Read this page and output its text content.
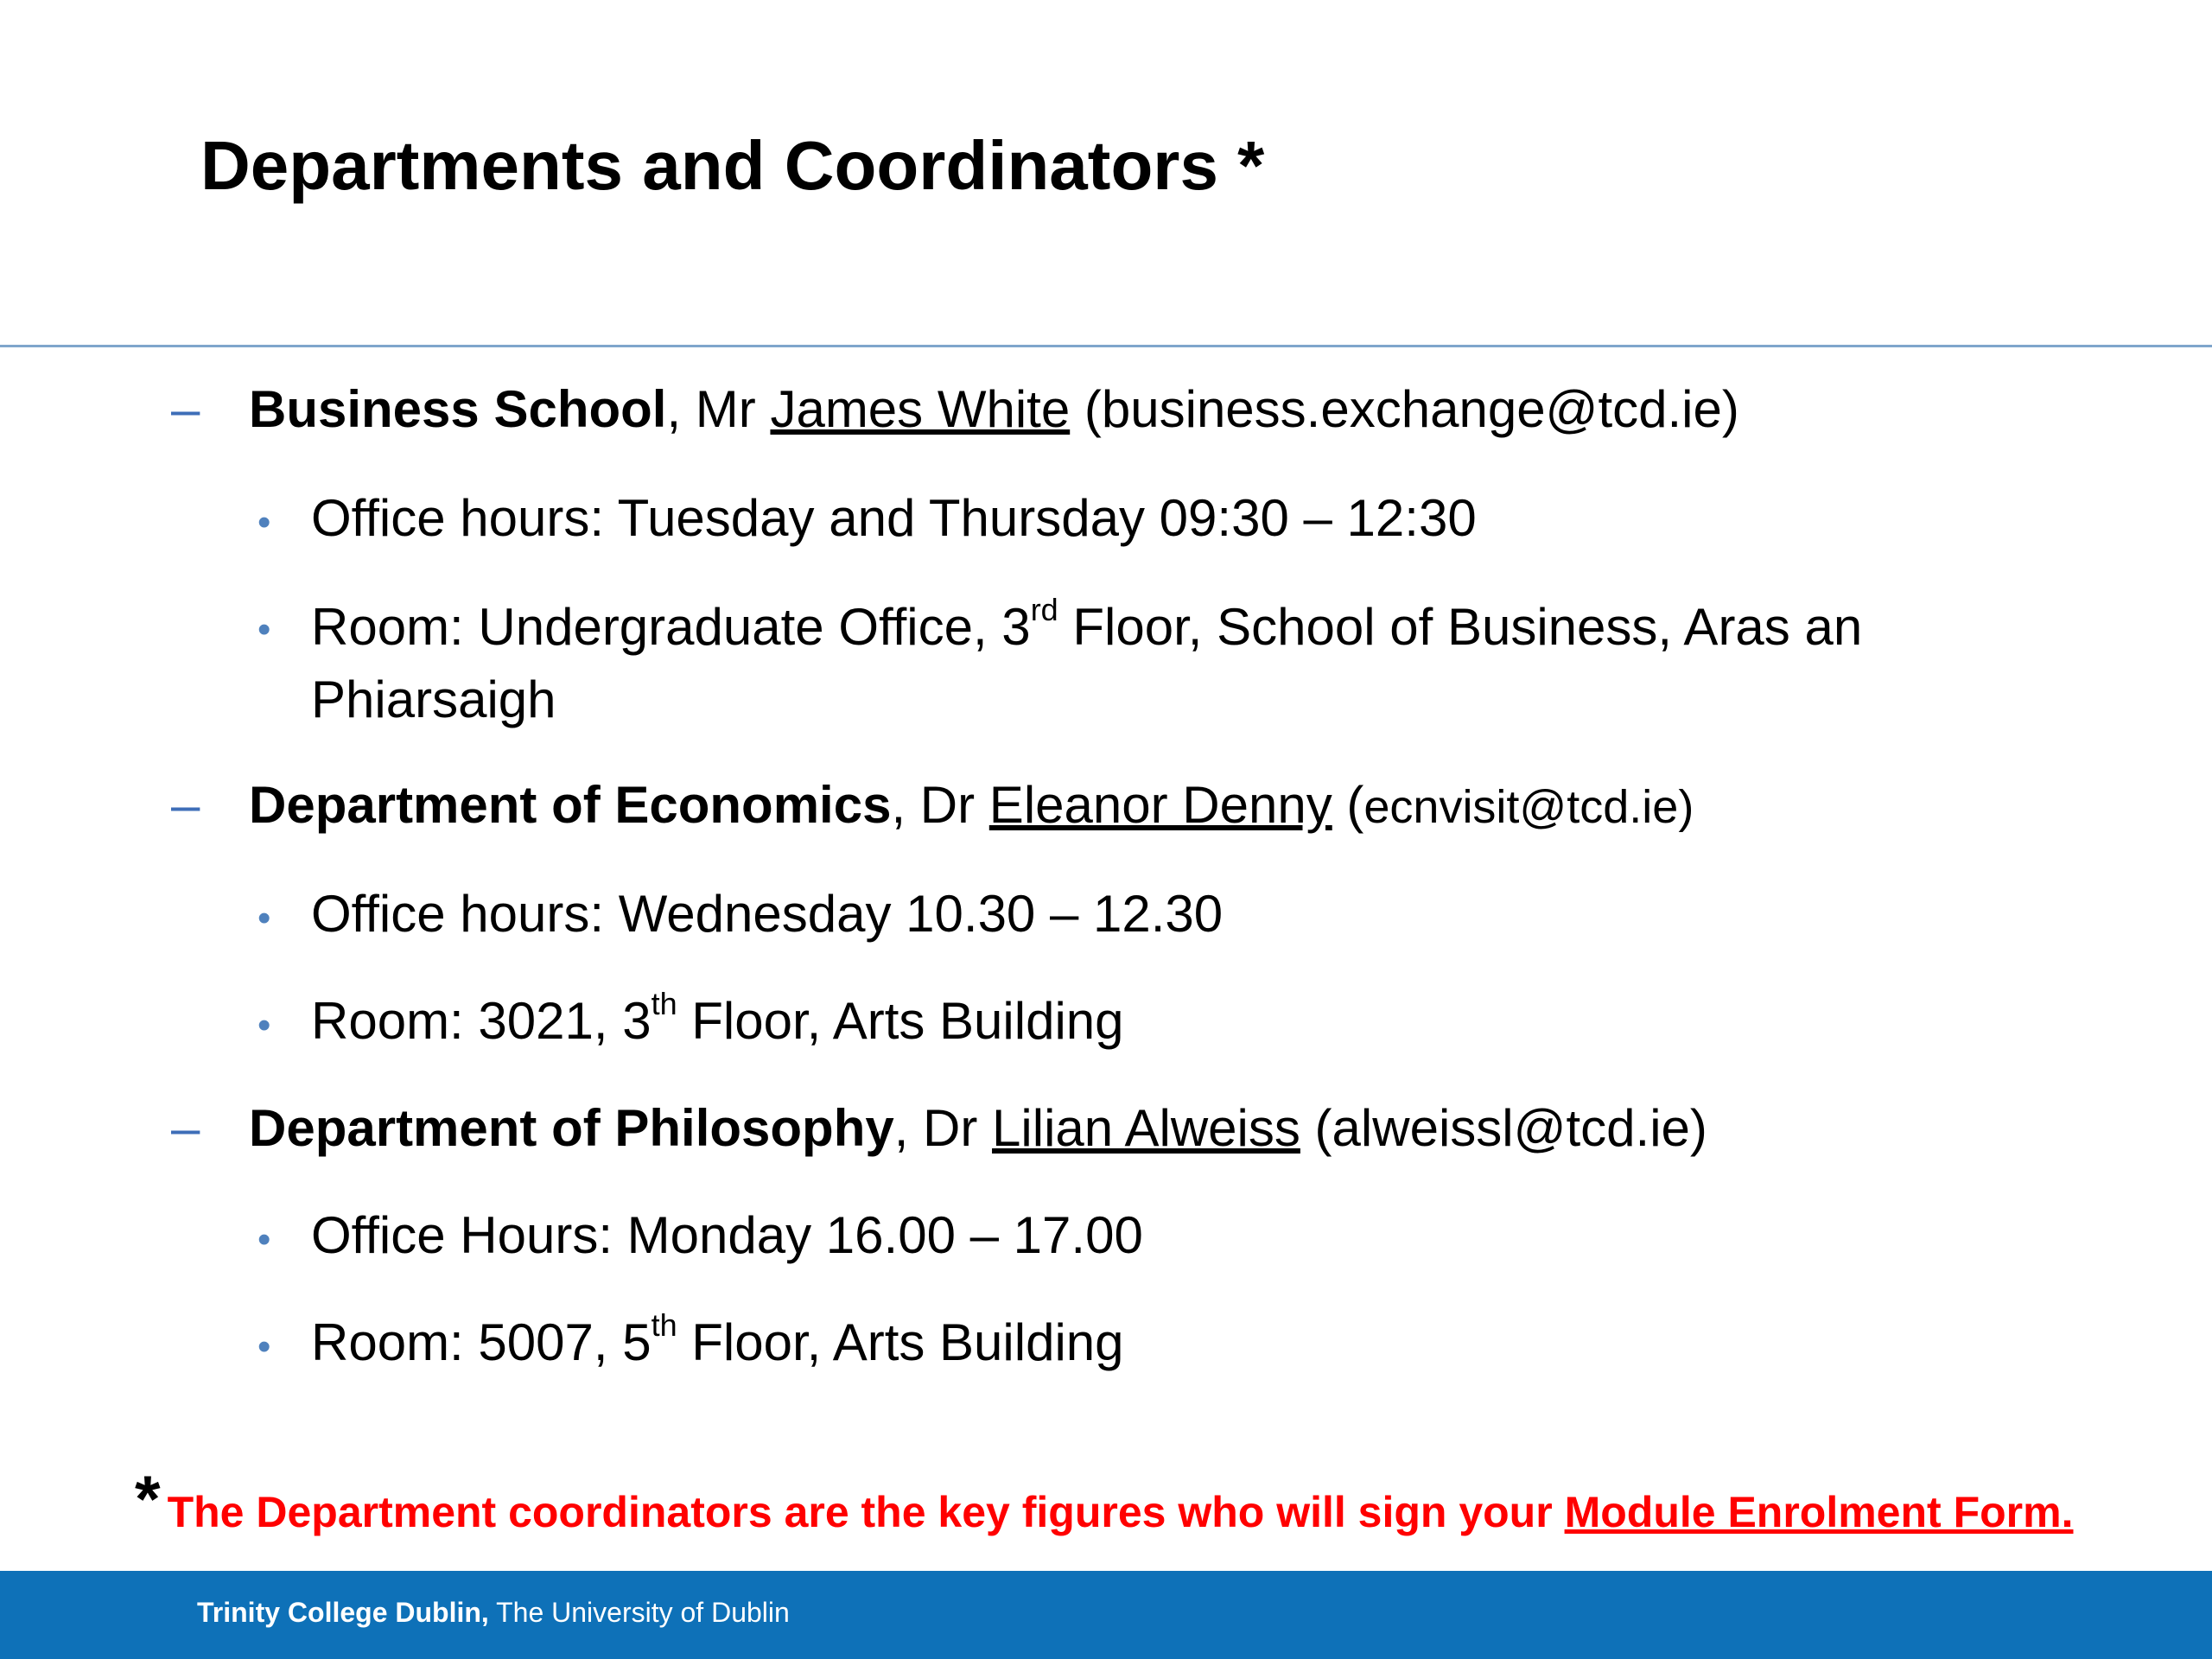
Departments and Coordinators *
– Business School, Mr James White (business.exchange@tcd.ie)
• Office hours: Tuesday and Thursday 09:30 – 12:30
• Room: Undergraduate Office, 3rd Floor, School of Business, Aras an Phiarsaigh
– Department of Economics, Dr Eleanor Denny (ecnvisit@tcd.ie)
• Office hours: Wednesday 10.30 – 12.30
• Room: 3021, 3th Floor, Arts Building
– Department of Philosophy, Dr Lilian Alweiss (alweissl@tcd.ie)
• Office Hours: Monday 16.00 – 17.00
• Room: 5007, 5th Floor, Arts Building
* The Department coordinators are the key figures who will sign your Module Enrolment Form.
Trinity College Dublin, The University of Dublin
